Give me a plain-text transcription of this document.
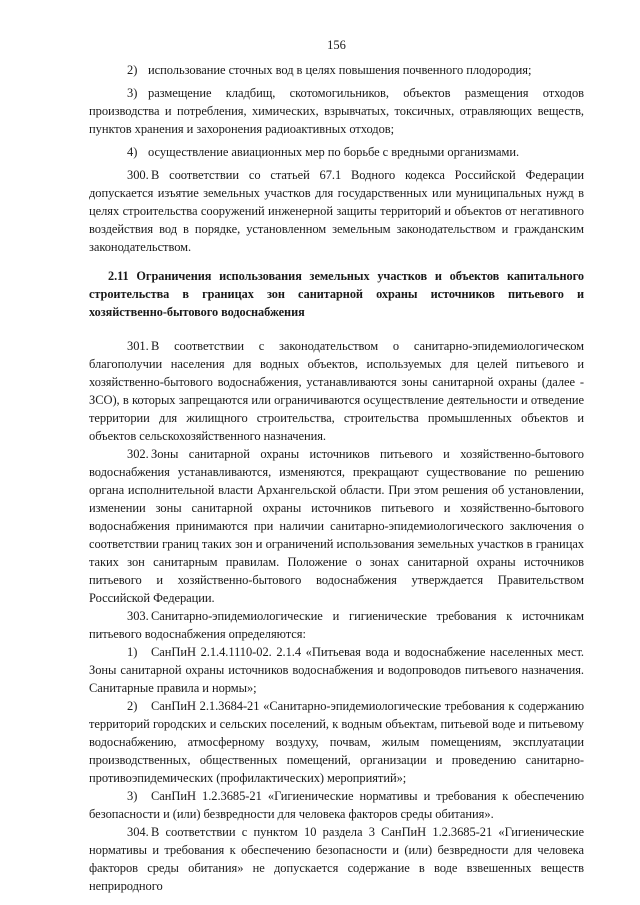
156

2) использование сточных вод в целях повышения почвенного плодородия;

3) размещение кладбищ, скотомогильников, объектов размещения отходов производства и потребления, химических, взрывчатых, токсичных, отравляющих веществ, пунктов хранения и захоронения радиоактивных отходов;

4) осуществление авиационных мер по борьбе с вредными организмами.

300. В соответствии со статьей 67.1 Водного кодекса Российской Федерации допускается изъятие земельных участков для государственных или муниципальных нужд в целях строительства сооружений инженерной защиты территорий и объектов от негативного воздействия вод в порядке, установленном земельным законодательством и гражданским законодательством.

2.11 Ограничения использования земельных участков и объектов капитального строительства в границах зон санитарной охраны источников питьевого и хозяйственно-бытового водоснабжения

301. В соответствии с законодательством о санитарно-эпидемиологическом благополучии населения для водных объектов, используемых для целей питьевого и хозяйственно-бытового водоснабжения, устанавливаются зоны санитарной охраны (далее - ЗСО), в которых запрещаются или ограничиваются осуществление деятельности и отведение территории для жилищного строительства, строительства промышленных объектов и объектов сельскохозяйственного назначения.

302. Зоны санитарной охраны источников питьевого и хозяйственно-бытового водоснабжения устанавливаются, изменяются, прекращают существование по решению органа исполнительной власти Архангельской области. При этом решения об установлении, изменении зоны санитарной охраны источников питьевого и хозяйственно-бытового водоснабжения принимаются при наличии санитарно-эпидемиологического заключения о соответствии границ таких зон и ограничений использования земельных участков в границах таких зон санитарным правилам. Положение о зонах санитарной охраны источников питьевого и хозяйственно-бытового водоснабжения утверждается Правительством Российской Федерации.

303. Санитарно-эпидемиологические и гигиенические требования к источникам питьевого водоснабжения определяются:

1) СанПиН 2.1.4.1110-02. 2.1.4 «Питьевая вода и водоснабжение населенных мест. Зоны санитарной охраны источников водоснабжения и водопроводов питьевого назначения. Санитарные правила и нормы»;

2) СанПиН 2.1.3684-21 «Санитарно-эпидемиологические требования к содержанию территорий городских и сельских поселений, к водным объектам, питьевой воде и питьевому водоснабжению, атмосферному воздуху, почвам, жилым помещениям, эксплуатации производственных, общественных помещений, организации и проведению санитарно-противоэпидемических (профилактических) мероприятий»;

3) СанПиН 1.2.3685-21 «Гигиенические нормативы и требования к обеспечению безопасности и (или) безвредности для человека факторов среды обитания».

304. В соответствии с пунктом 10 раздела 3 СанПиН 1.2.3685-21 «Гигиенические нормативы и требования к обеспечению безопасности и (или) безвредности для человека факторов среды обитания» не допускается содержание в воде взвешенных веществ неприродного
